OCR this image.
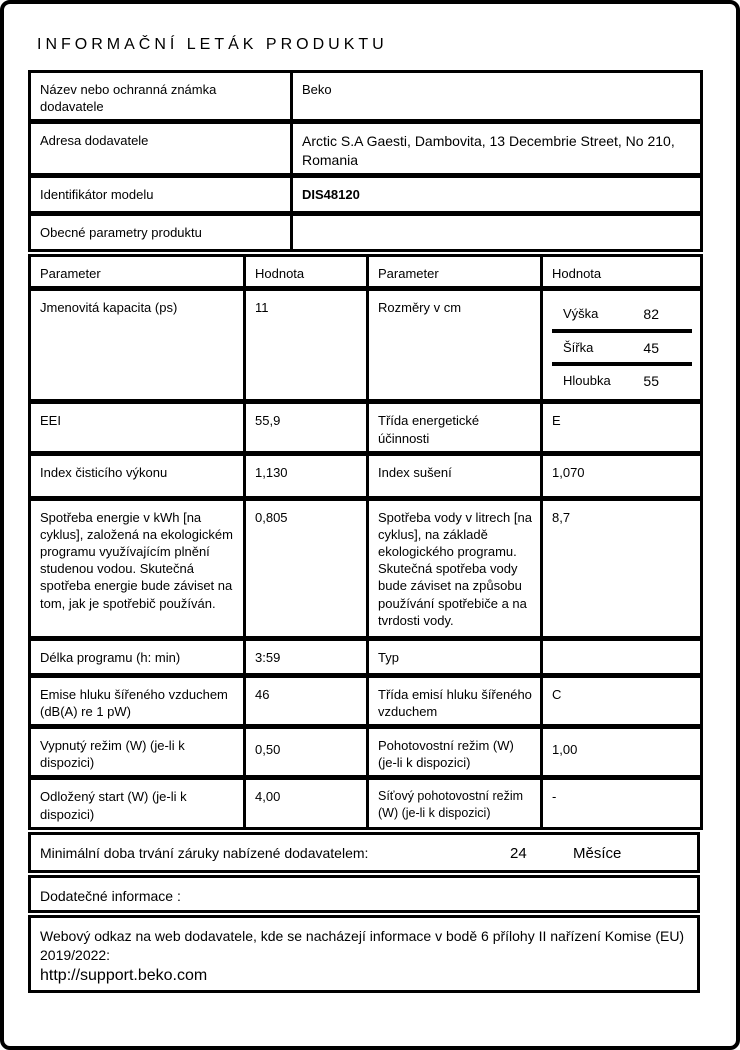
INFORMAČNÍ LETÁK PRODUKTU
Název nebo ochranná známka dodavatele	Beko
Adresa dodavatele	Arctic S.A Gaesti, Dambovita, 13 Decembrie Street, No 210, Romania
Identifikátor modelu	DIS48120
Obecné parametry produktu	
Parameter	Hodnota	Parameter	Hodnota
Jmenovitá kapacita (ps)	11	Rozměry v cm	Výška	82
Šířka	45
Hloubka 55

EEI	55,9	Třída energetické účinnosti	E
Index čisticího výkonu	1,130	Index sušení	1,070
Spotřeba energie v kWh [na cyklus], založená na ekologickém programu využívajícím plnění studenou vodou. Skutečná spotřeba energie bude záviset na tom, jak je spotřebič používán.	0,805	Spotřeba vody v litrech [na cyklus], na základě ekologického programu. Skutečná spotřeba vody bude záviset na způsobu používání spotřebiče a na tvrdosti vody.	8,7
Délka programu (h: min)	3:59	Typ	
Emise hluku šířeného vzduchem (dB(A) re 1 pW)	46	Třída emisí hluku šířeného vzduchem	C
Vypnutý režim (W) (je-li k dispozici)	0,50	Pohotovostní režim (W) (je-li k dispozici)	1,00
Odložený start (W) (je-li k dispozici)	4,00	Síťový pohotovostní režim (W) (je-li k dispozici)	-
Minimální doba trvání záruky nabízené dodavatelem:	24	Měsíce
Dodatečné informace :
Webový odkaz na web dodavatele, kde se nacházejí informace v bodě 6 přílohy II nařízení Komise (EU) 2019/2022:
http://support.beko.com
